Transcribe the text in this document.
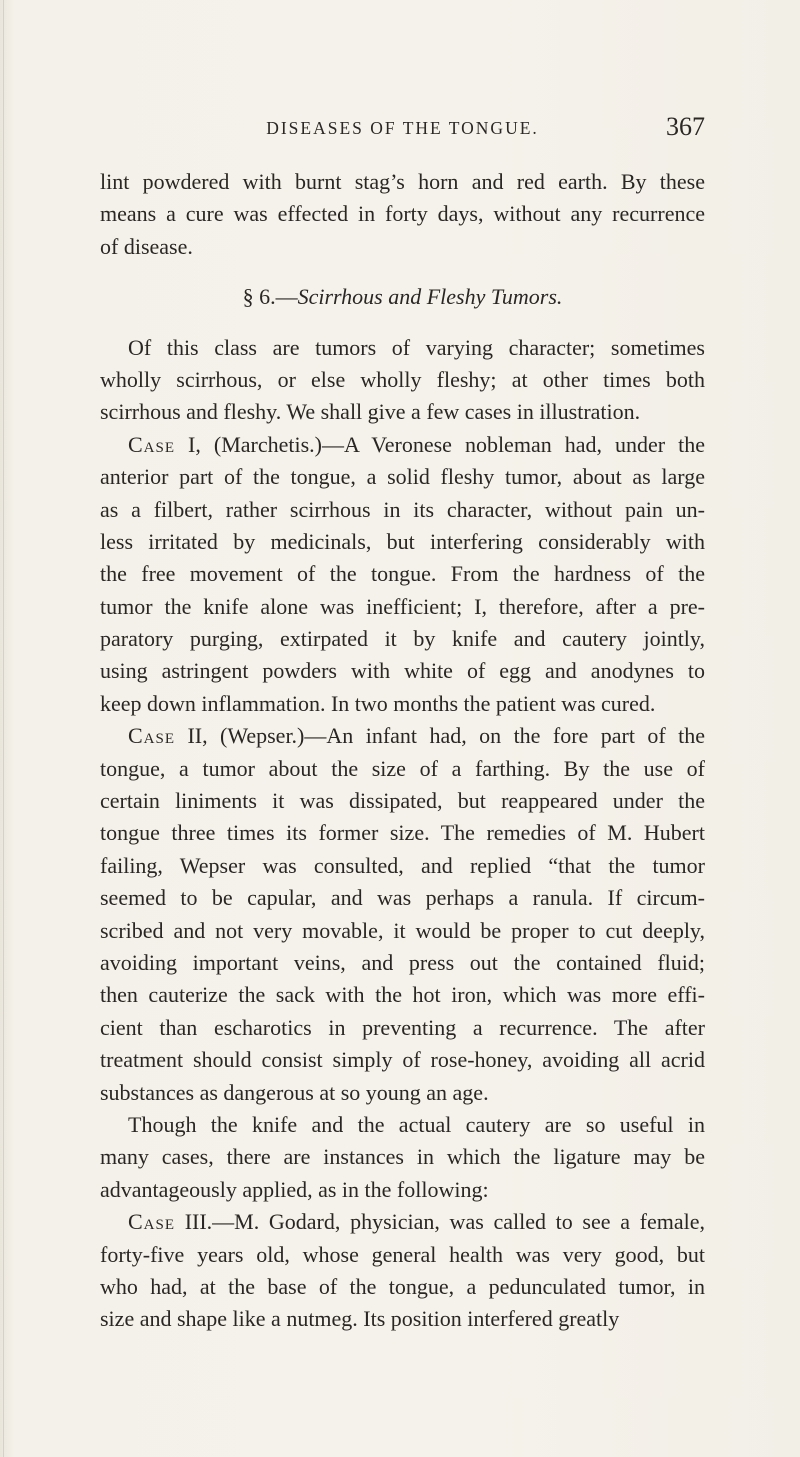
DISEASES OF THE TONGUE.	367
lint powdered with burnt stag’s horn and red earth. By these
means a cure was effected in forty days, without any recurrence
of disease.
§ 6.—Scirrhous and Fleshy Tumors.
Of this class are tumors of varying character; sometimes
wholly scirrhous, or else wholly fleshy; at other times both
scirrhous and fleshy. We shall give a few cases in illustration.
Case I, (Marchetis.)—A Veronese nobleman had, under the
anterior part of the tongue, a solid fleshy tumor, about as large
as a filbert, rather scirrhous in its character, without pain un-
less irritated by medicinals, but interfering considerably with
the free movement of the tongue. From the hardness of the
tumor the knife alone was inefficient; I, therefore, after a pre-
paratory purging, extirpated it by knife and cautery jointly,
using astringent powders with white of egg and anodynes to
keep down inflammation. In two months the patient was cured.
Case II, (Wepser.)—An infant had, on the fore part of the
tongue, a tumor about the size of a farthing. By the use of
certain liniments it was dissipated, but reappeared under the
tongue three times its former size. The remedies of M. Hubert
failing, Wepser was consulted, and replied “that the tumor
seemed to be capular, and was perhaps a ranula. If circum-
scribed and not very movable, it would be proper to cut deeply,
avoiding important veins, and press out the contained fluid;
then cauterize the sack with the hot iron, which was more effi-
cient than escharotics in preventing a recurrence. The after
treatment should consist simply of rose-honey, avoiding all acrid
substances as dangerous at so young an age.
Though the knife and the actual cautery are so useful in
many cases, there are instances in which the ligature may be
advantageously applied, as in the following:
Case III.—M. Godard, physician, was called to see a female,
forty-five years old, whose general health was very good, but
who had, at the base of the tongue, a pedunculated tumor, in
size and shape like a nutmeg. Its position interfered greatly
